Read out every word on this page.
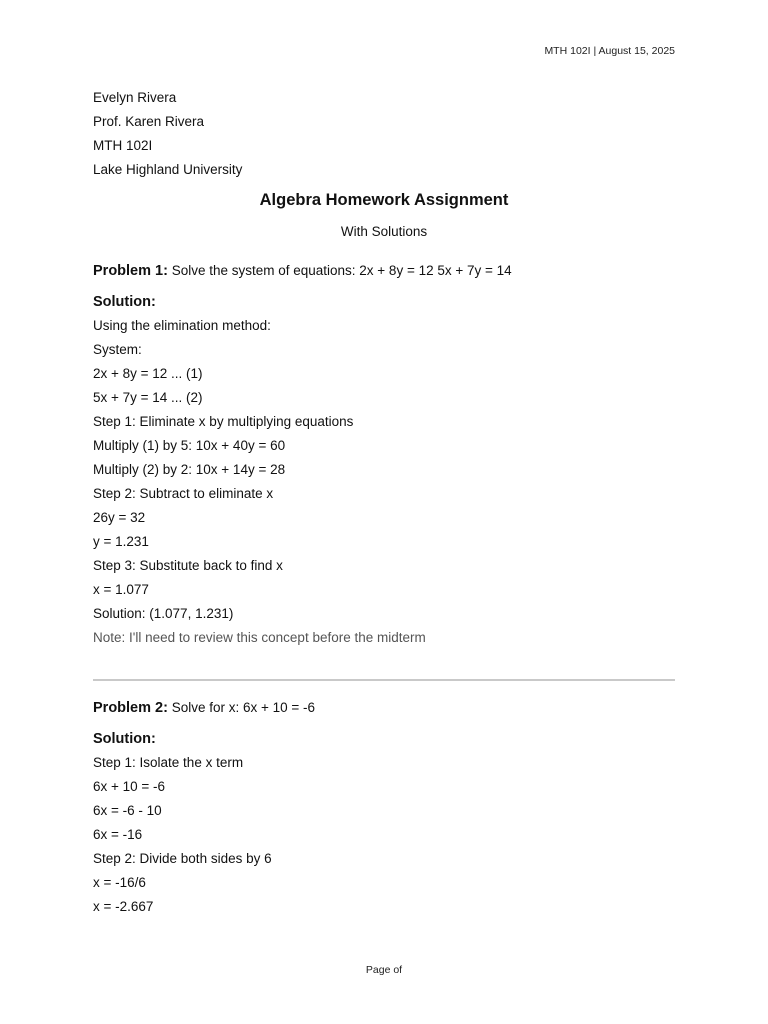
MTH 102I | August 15, 2025
Evelyn Rivera
Prof. Karen Rivera
MTH 102I
Lake Highland University
Algebra Homework Assignment
With Solutions
Problem 1: Solve the system of equations: 2x + 8y = 12 5x + 7y = 14
Solution:
Using the elimination method:
System:
2x + 8y = 12 ... (1)
5x + 7y = 14 ... (2)
Step 1: Eliminate x by multiplying equations
Multiply (1) by 5: 10x + 40y = 60
Multiply (2) by 2: 10x + 14y = 28
Step 2: Subtract to eliminate x
26y = 32
y = 1.231
Step 3: Substitute back to find x
x = 1.077
Solution: (1.077, 1.231)
Note: I'll need to review this concept before the midterm
Problem 2: Solve for x: 6x + 10 = -6
Solution:
Step 1: Isolate the x term
6x + 10 = -6
6x = -6 - 10
6x = -16
Step 2: Divide both sides by 6
x = -16/6
x = -2.667
Page of
